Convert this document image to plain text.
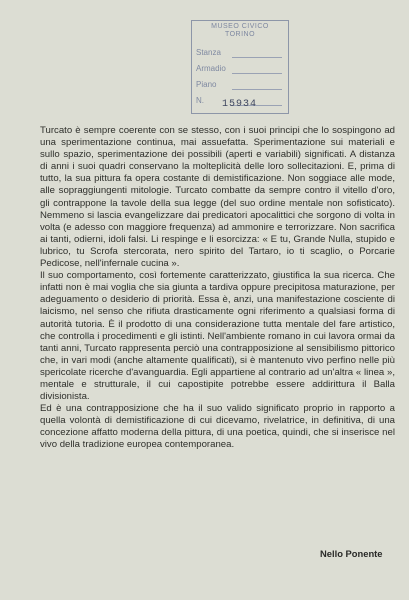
MUSEO CIVICO
TORINO
Stanza
Armadio
Piano
N.	15934

Turcato è sempre coerente con se stesso, con i suoi principi che lo sospingono ad una sperimentazione continua, mai assuefatta. Sperimentazione sui materiali e sullo spazio, sperimentazione dei possibili (aperti e variabili) significati. A distanza di anni i suoi quadri conservano la molteplicità delle loro sollecitazioni. E, prima di tutto, la sua pittura fa opera costante di demistificazione. Non soggiace alle mode, alle sopraggiungenti mitologie. Turcato combatte da sempre contro il vitello d'oro, gli contrappone la tavole della sua legge (del suo ordine mentale non sofisticato). Nemmeno si lascia evangelizzare dai predicatori apocalittici che sorgono di volta in volta (e adesso con maggiore frequenza) ad ammonire e terrorizzare. Non sacrifica ai tanti, odierni, idoli falsi. Li respinge e li esorcizza: « E tu, Grande Nulla, stupido e lubrico, tu Scrofa stercorata, nero spirito del Tartaro, io ti scaglio, o Porcarie Pedicose, nell'infernale cucina ».

Il suo comportamento, così fortemente caratterizzato, giustifica la sua ricerca. Che infatti non è mai voglia che sia giunta a tardiva oppure precipitosa maturazione, per adeguamento o desiderio di priorità. Essa è, anzi, una manifestazione cosciente di laicismo, nel senso che rifiuta drasticamente ogni riferimento a qualsiasi forma di autorità tutoria. È il prodotto di una considerazione tutta mentale del fare artistico, che controlla i procedimenti e gli istinti. Nell'ambiente romano in cui lavora ormai da tanti anni, Turcato rappresenta perciò una contrapposizione al sensibilismo pittorico che, in vari modi (anche altamente qualificati), si è mantenuto vivo perfino nelle più spericolate ricerche d'avanguardia. Egli appartiene al contrario ad un'altra « linea », mentale e strutturale, il cui capostipite potrebbe essere addirittura il Balla divisionista.

Ed è una contrapposizione che ha il suo valido significato proprio in rapporto a quella volontà di demistificazione di cui dicevamo, rivelatrice, in definitiva, di una concezione affatto moderna della pittura, di una poetica, quindi, che si inserisce nel vivo della tradizione europea contemporanea.

Nello Ponente
